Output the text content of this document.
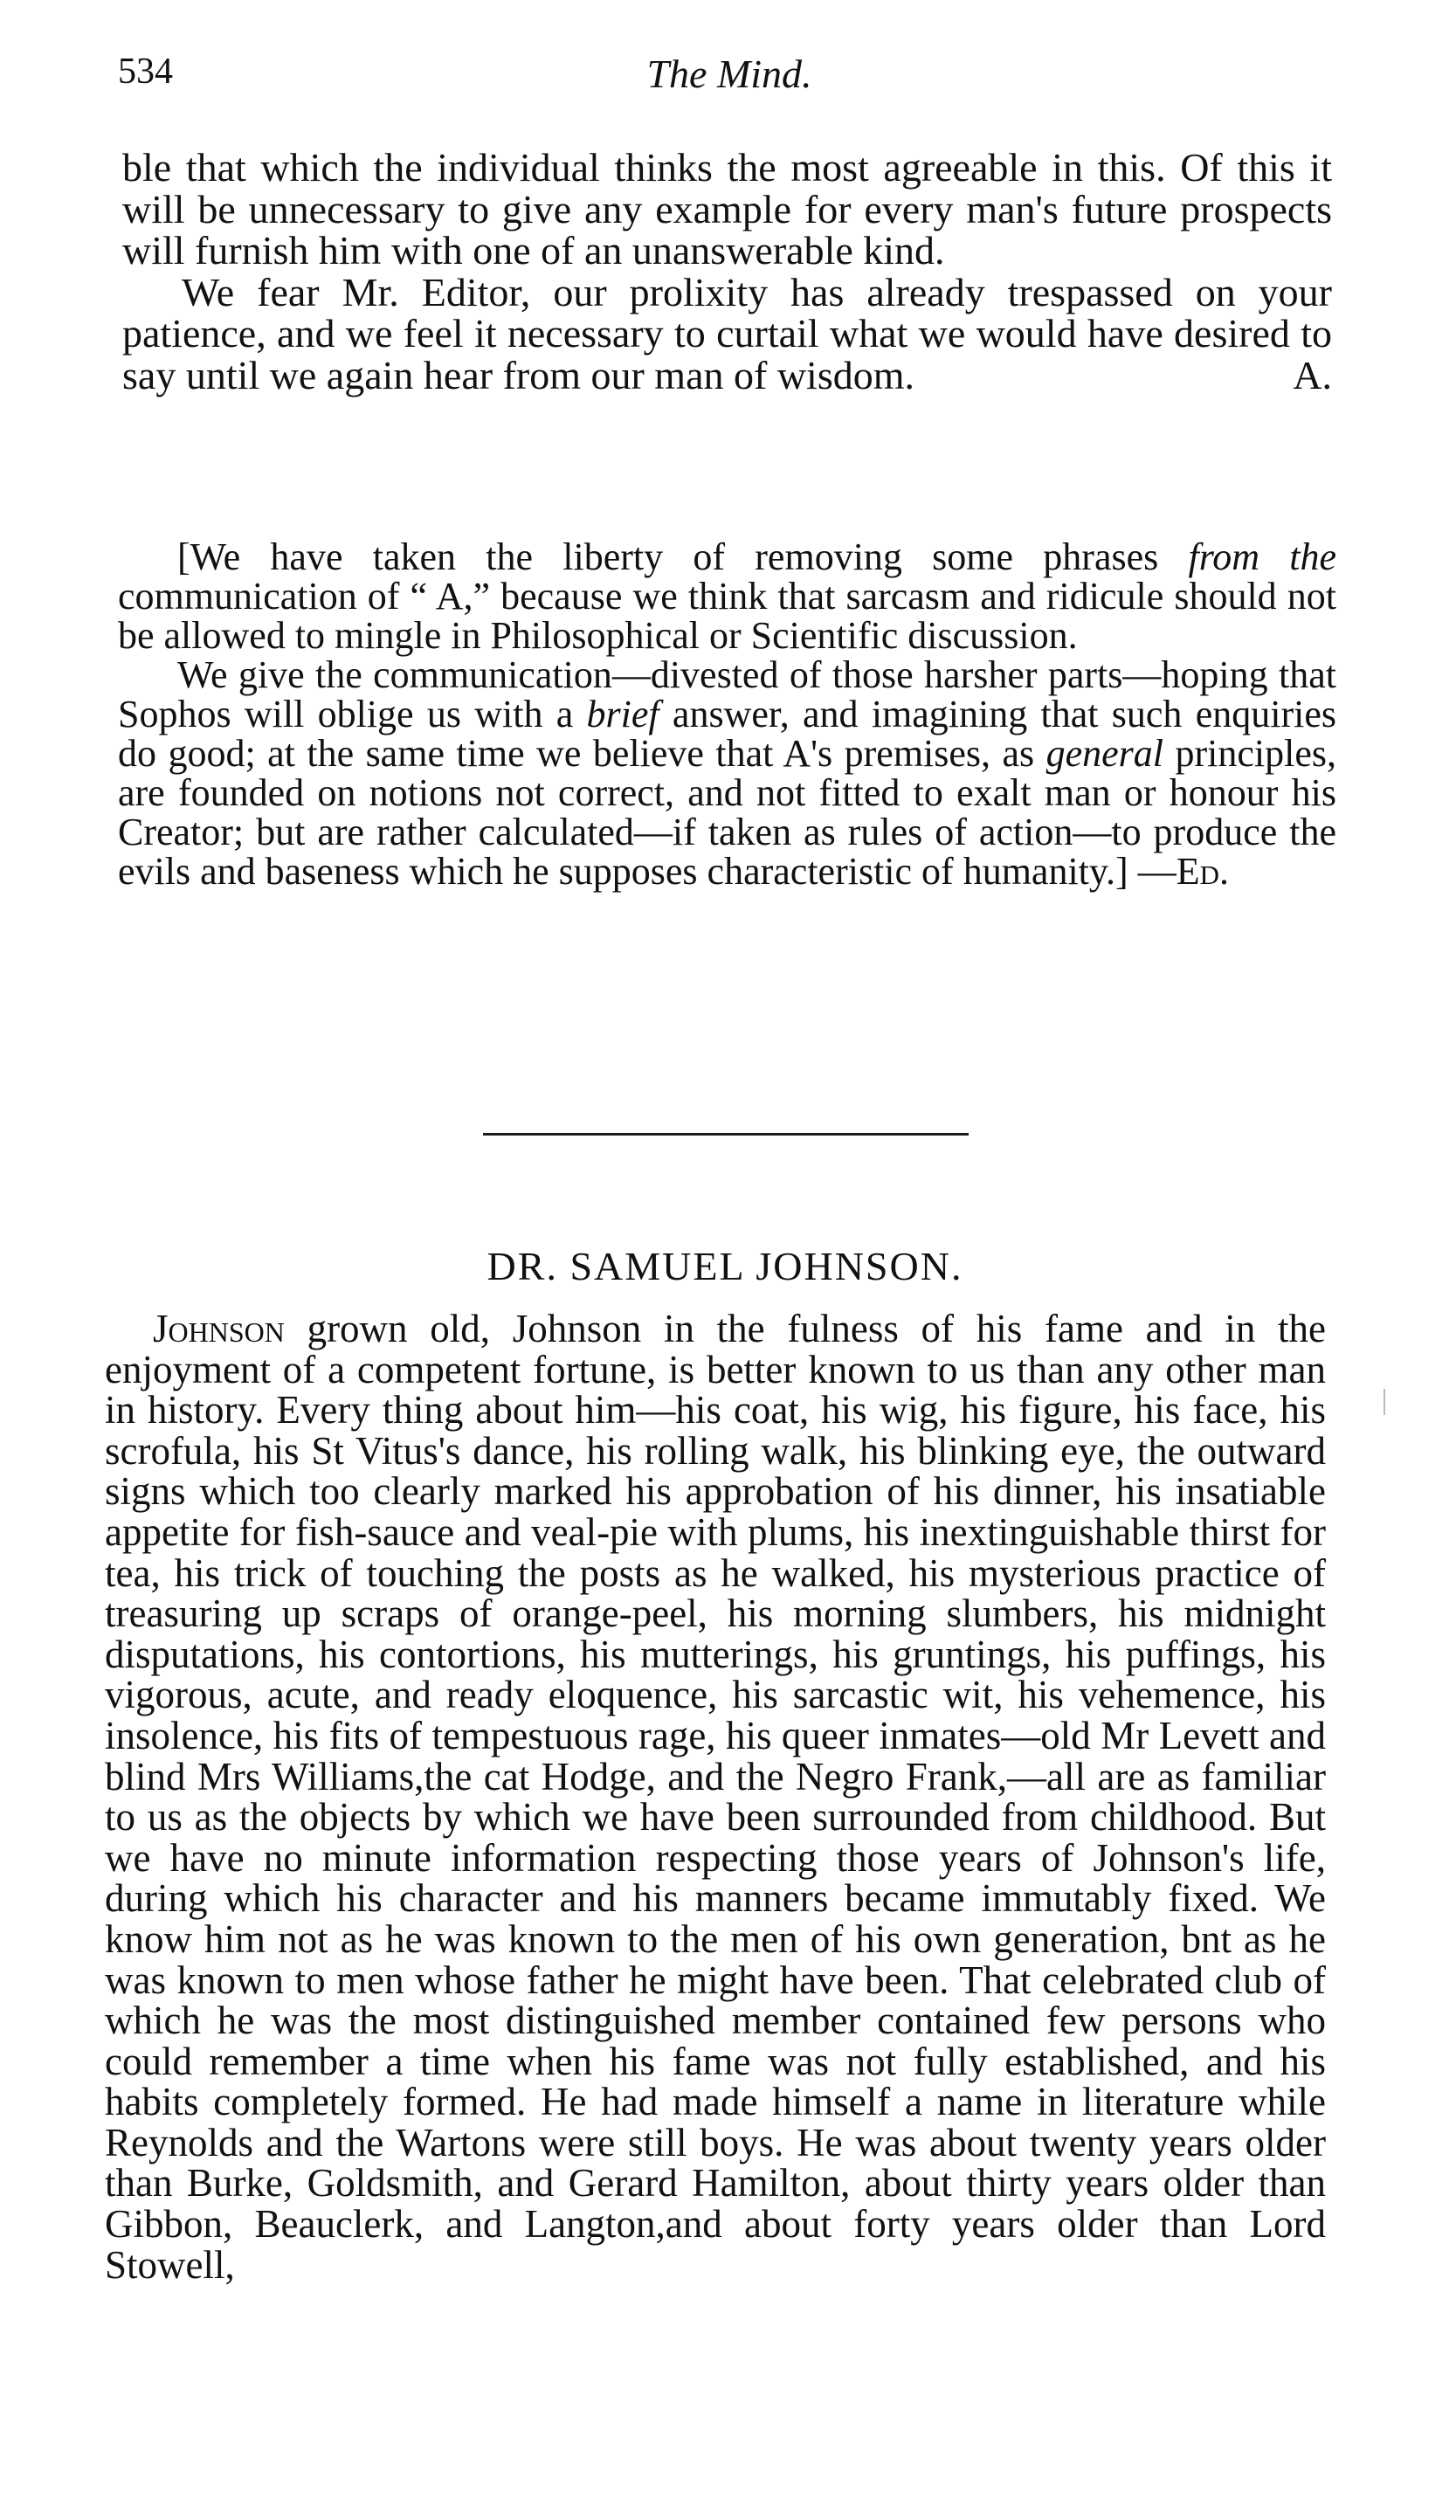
534	The Mind.

ble that which the individual thinks the most agreeable in this. Of this it will be unnecessary to give any example for every man's future prospects will furnish him with one of an unanswerable kind.

We fear Mr. Editor, our prolixity has already trespassed on your patience, and we feel it necessary to curtail what we would have desired to say until we again hear from our man of wisdom.	A.

[We have taken the liberty of removing some phrases from the communication of “ A,” because we think that sarcasm and ridicule should not be allowed to mingle in Philosophical or Scientific discussion.

We give the communication—divested of those harsher parts—hoping that Sophos will oblige us with a brief answer, and imagining that such enquiries do good; at the same time we believe that A's premises, as general principles, are founded on notions not correct, and not fitted to exalt man or honour his Creator; but are rather calculated—if taken as rules of action—to produce the evils and baseness which he supposes characteristic of humanity.] —Ed.

DR. SAMUEL JOHNSON.

Johnson grown old, Johnson in the fulness of his fame and in the enjoyment of a competent fortune, is better known to us than any other man in history. Every thing about him—his coat, his wig, his figure, his face, his scrofula, his St Vitus's dance, his rolling walk, his blinking eye, the outward signs which too clearly marked his approbation of his dinner, his insatiable appetite for fish-sauce and veal-pie with plums, his inextinguishable thirst for tea, his trick of touching the posts as he walked, his mysterious practice of treasuring up scraps of orange-peel, his morning slumbers, his midnight disputations, his contortions, his mutterings, his gruntings, his puffings, his vigorous, acute, and ready eloquence, his sarcastic wit, his vehemence, his insolence, his fits of tempestuous rage, his queer inmates—old Mr Levett and blind Mrs Williams,the cat Hodge, and the Negro Frank,—all are as familiar to us as the objects by which we have been surrounded from childhood. But we have no minute information respecting those years of Johnson's life, during which his character and his manners became immutably fixed. We know him not as he was known to the men of his own generation, bnt as he was known to men whose father he might have been. That celebrated club of which he was the most distinguished member contained few persons who could remember a time when his fame was not fully established, and his habits completely formed. He had made himself a name in literature while Reynolds and the Wartons were still boys. He was about twenty years older than Burke, Goldsmith, and Gerard Hamilton, about thirty years older than Gibbon, Beauclerk, and Langton,and about forty years older than Lord Stowell,
